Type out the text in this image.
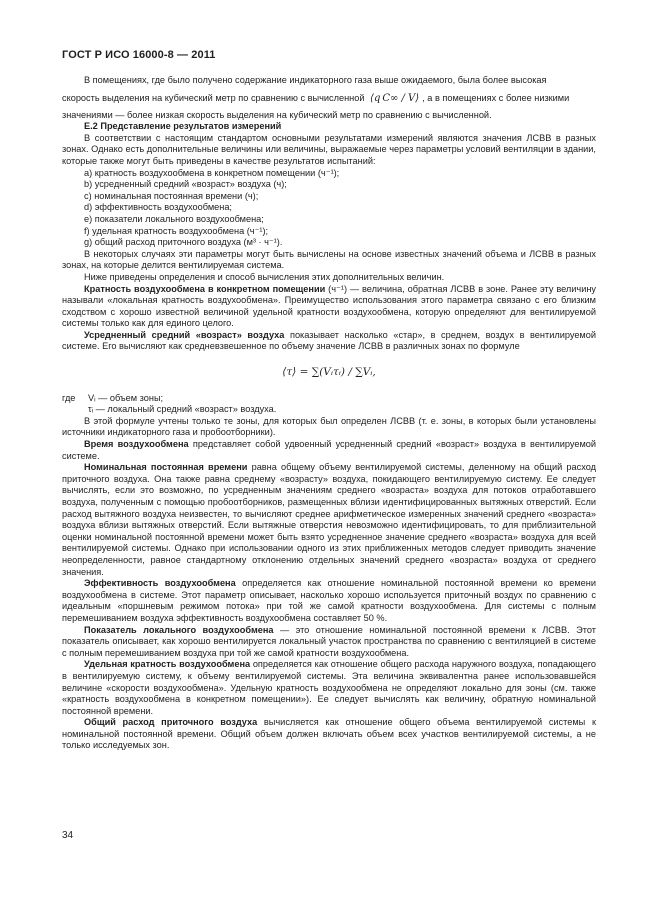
ГОСТ Р ИСО 16000-8 — 2011

В помещениях, где было получено содержание индикаторного газа выше ожидаемого, была более высокая

скорость выделения на кубический метр по сравнению с вычисленной ⟨q C∞ / V⟩ , а в помещениях с более низкими

значениями — более низкая скорость выделения на кубический метр по сравнению с вычисленной.

Е.2 Представление результатов измерений

В соответствии с настоящим стандартом основными результатами измерений являются значения ЛСВВ в разных зонах. Однако есть дополнительные величины или величины, выражаемые через параметры условий вентиляции в здании, которые также могут быть приведены в качестве результатов испытаний:

a) кратность воздухообмена в конкретном помещении (ч⁻¹);
b) усредненный средний «возраст» воздуха (ч);
c) номинальная постоянная времени (ч);
d) эффективность воздухообмена;
e) показатели локального воздухообмена;
f) удельная кратность воздухообмена (ч⁻¹);
g) общий расход приточного воздуха (м³ · ч⁻¹).

В некоторых случаях эти параметры могут быть вычислены на основе известных значений объема и ЛСВВ в разных зонах, на которые делится вентилируемая система.

Ниже приведены определения и способ вычисления этих дополнительных величин.

Кратность воздухообмена в конкретном помещении (ч⁻¹) — величина, обратная ЛСВВ в зоне. Ранее эту величину называли «локальная кратность воздухообмена». Преимущество использования этого параметра связано с его близким сходством с хорошо известной величиной удельной кратности воздухообмена, которую определяют для вентилируемой системы только как для единого целого.

Усредненный средний «возраст» воздуха показывает насколько «стар», в среднем, воздух в вентилируемой системе. Его вычисляют как средневзвешенное по объему значение ЛСВВ в различных зонах по формуле

⟨τ⟩ = ∑(Vᵢτᵢ) / ∑Vᵢ,
где	Vᵢ — объем зоны;
τᵢ — локальный средний «возраст» воздуха.

В этой формуле учтены только те зоны, для которых был определен ЛСВВ (т. е. зоны, в которых были установлены источники индикаторного газа и пробоотборники).

Время воздухообмена представляет собой удвоенный усредненный средний «возраст» воздуха в вентилируемой системе.

Номинальная постоянная времени равна общему объему вентилируемой системы, деленному на общий расход приточного воздуха. Она также равна среднему «возрасту» воздуха, покидающего вентилируемую систему. Ее следует вычислять, если это возможно, по усредненным значениям среднего «возраста» воздуха для потоков отработавшего воздуха, полученным с помощью пробоотборников, размещенных вблизи идентифицированных вытяжных отверстий. Если расход вытяжного воздуха неизвестен, то вычисляют среднее арифметическое измеренных значений среднего «возраста» воздуха вблизи вытяжных отверстий. Если вытяжные отверстия невозможно идентифицировать, то для приблизительной оценки номинальной постоянной времени может быть взято усредненное значение среднего «возраста» воздуха для всей вентилируемой системы. Однако при использовании одного из этих приближенных методов следует приводить значение неопределенности, равное стандартному отклонению отдельных значений среднего «возраста» воздуха от среднего значения.

Эффективность воздухообмена определяется как отношение номинальной постоянной времени ко времени воздухообмена в системе. Этот параметр описывает, насколько хорошо используется приточный воздух по сравнению с идеальным «поршневым режимом потока» при той же самой кратности воздухообмена. Для системы с полным перемешиванием воздуха эффективность воздухообмена составляет 50 %.

Показатель локального воздухообмена — это отношение номинальной постоянной времени к ЛСВВ. Этот показатель описывает, как хорошо вентилируется локальный участок пространства по сравнению с вентиляцией в системе с полным перемешиванием воздуха при той же самой кратности воздухообмена.

Удельная кратность воздухообмена определяется как отношение общего расхода наружного воздуха, попадающего в вентилируемую систему, к объему вентилируемой системы. Эта величина эквивалентна ранее использовавшейся величине «скорости воздухообмена». Удельную кратность воздухообмена не определяют локально для зоны (см. также «кратность воздухообмена в конкретном помещении»). Ее следует вычислять как величину, обратную номинальной постоянной времени.

Общий расход приточного воздуха вычисляется как отношение общего объема вентилируемой системы к номинальной постоянной времени. Общий объем должен включать объем всех участков вентилируемой системы, а не только исследуемых зон.

34
